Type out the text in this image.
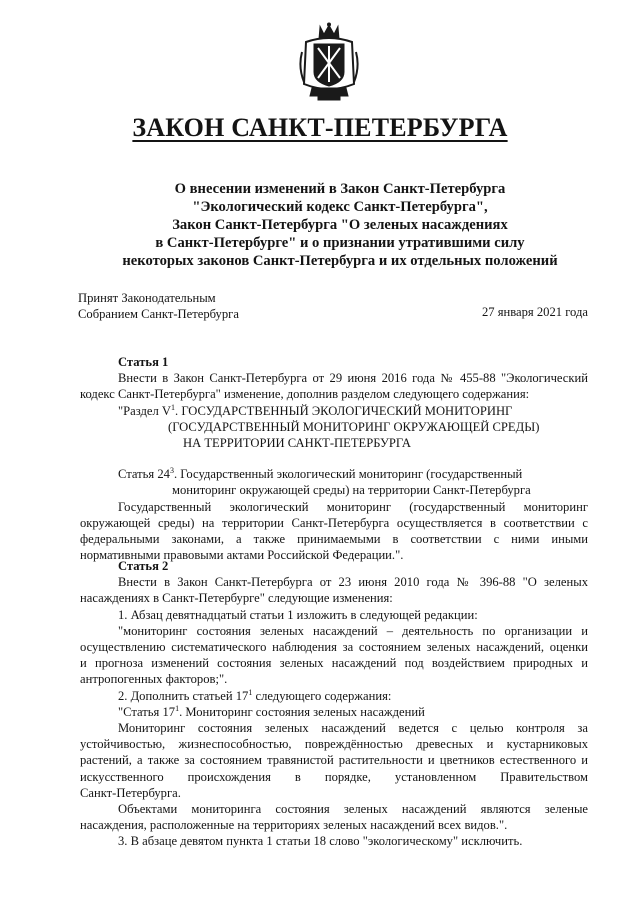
ЗАКОН САНКТ-ПЕТЕРБУРГА
О внесении изменений в Закон Санкт-Петербурга
"Экологический кодекс Санкт-Петербурга",
Закон Санкт-Петербурга "О зеленых насаждениях
в Санкт-Петербурге" и о признании утратившими силу
некоторых законов Санкт-Петербурга и их отдельных положений
Принят Законодательным
Собранием Санкт-Петербурга	27 января 2021 года
Статья 1
Внести в Закон Санкт-Петербурга от 29 июня 2016 года № 455-88 "Экологический
кодекс Санкт-Петербурга" изменение, дополнив разделом следующего содержания:
"Раздел $V^1$. ГОСУДАРСТВЕННЫЙ ЭКОЛОГИЧЕСКИЙ МОНИТОРИНГ
(ГОСУДАРСТВЕННЫЙ МОНИТОРИНГ ОКРУЖАЮЩЕЙ СРЕДЫ)
НА ТЕРРИТОРИИ САНКТ-ПЕТЕРБУРГА
Статья $24^3$. Государственный экологический мониторинг (государственный
мониторинг окружающей среды) на территории Санкт-Петербурга
Государственный экологический мониторинг (государственный мониторинг
окружающей среды) на территории Санкт-Петербурга осуществляется в соответствии с
федеральными законами, а также принимаемыми в соответствии с ними иными
нормативными правовыми актами Российской Федерации.".
Статья 2
Внести в Закон Санкт-Петербурга от 23 июня 2010 года № 396-88 "О зеленых
насаждениях в Санкт-Петербурге" следующие изменения:
1. Абзац девятнадцатый статьи 1 изложить в следующей редакции:
"мониторинг состояния зеленых насаждений – деятельность по организации и
осуществлению систематического наблюдения за состоянием зеленых насаждений, оценки
и прогноза изменений состояния зеленых насаждений под воздействием природных и
антропогенных факторов;".
2. Дополнить статьей $17^1$ следующего содержания:
"Статья $17^1$. Мониторинг состояния зеленых насаждений
Мониторинг состояния зеленых насаждений ведется с целью контроля за
устойчивостью, жизнеспособностью, повреждённостью древесных и кустарниковых
растений, а также за состоянием травянистой растительности и цветников естественного и
искусственного происхождения в порядке, установленном Правительством
Санкт-Петербурга.
Объектами мониторинга состояния зеленых насаждений являются зеленые
насаждения, расположенные на территориях зеленых насаждений всех видов.".
3. В абзаце девятом пункта 1 статьи 18 слово "экологическому" исключить.
